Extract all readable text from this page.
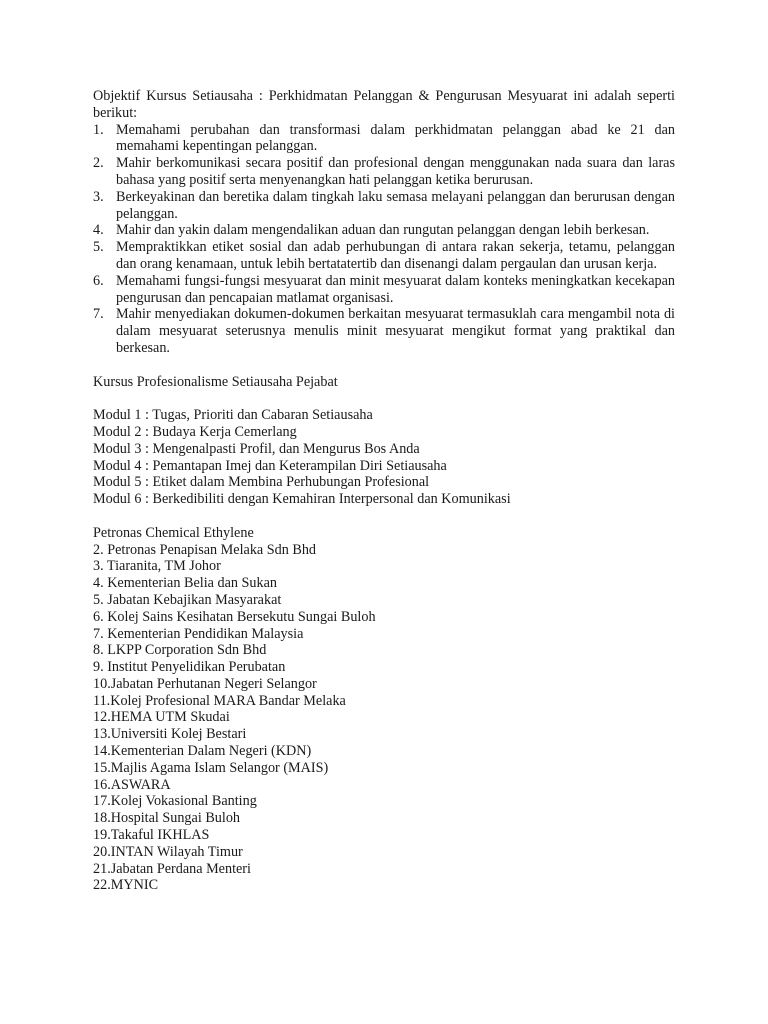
Objektif Kursus Setiausaha : Perkhidmatan Pelanggan & Pengurusan Mesyuarat ini adalah seperti berikut:

1. Memahami perubahan dan transformasi dalam perkhidmatan pelanggan abad ke 21 dan memahami kepentingan pelanggan.
2. Mahir berkomunikasi secara positif dan profesional dengan menggunakan nada suara dan laras bahasa yang positif serta menyenangkan hati pelanggan ketika berurusan.
3. Berkeyakinan dan beretika dalam tingkah laku semasa melayani pelanggan dan berurusan dengan pelanggan.
4. Mahir dan yakin dalam mengendalikan aduan dan rungutan pelanggan dengan lebih berkesan.
5. Mempraktikkan etiket sosial dan adab perhubungan di antara rakan sekerja, tetamu, pelanggan dan orang kenamaan, untuk lebih bertatatertib dan disenangi dalam pergaulan dan urusan kerja.
6. Memahami fungsi-fungsi mesyuarat dan minit mesyuarat dalam konteks meningkatkan kecekapan pengurusan dan pencapaian matlamat organisasi.
7. Mahir menyediakan dokumen-dokumen berkaitan mesyuarat termasuklah cara mengambil nota di dalam mesyuarat seterusnya menulis minit mesyuarat mengikut format yang praktikal dan berkesan.

Kursus Profesionalisme Setiausaha Pejabat

Modul 1 : Tugas, Prioriti dan Cabaran Setiausaha

Modul 2 : Budaya Kerja Cemerlang

Modul 3 : Mengenalpasti Profil, dan Mengurus Bos Anda

Modul 4 : Pemantapan Imej dan Keterampilan Diri Setiausaha

Modul 5 : Etiket dalam Membina Perhubungan Profesional

Modul 6 : Berkedibiliti dengan Kemahiran Interpersonal dan Komunikasi

Petronas Chemical Ethylene

2. Petronas Penapisan Melaka Sdn Bhd

3. Tiaranita, TM Johor

4. Kementerian Belia dan Sukan

5. Jabatan Kebajikan Masyarakat

6. Kolej Sains Kesihatan Bersekutu Sungai Buloh

7. Kementerian Pendidikan Malaysia

8. LKPP Corporation Sdn Bhd

9. Institut Penyelidikan Perubatan

10.Jabatan Perhutanan Negeri Selangor

11.Kolej Profesional MARA Bandar Melaka

12.HEMA UTM Skudai

13.Universiti Kolej Bestari

14.Kementerian Dalam Negeri (KDN)

15.Majlis Agama Islam Selangor (MAIS)

16.ASWARA

17.Kolej Vokasional Banting

18.Hospital Sungai Buloh

19.Takaful IKHLAS

20.INTAN Wilayah Timur

21.Jabatan Perdana Menteri

22.MYNIC
